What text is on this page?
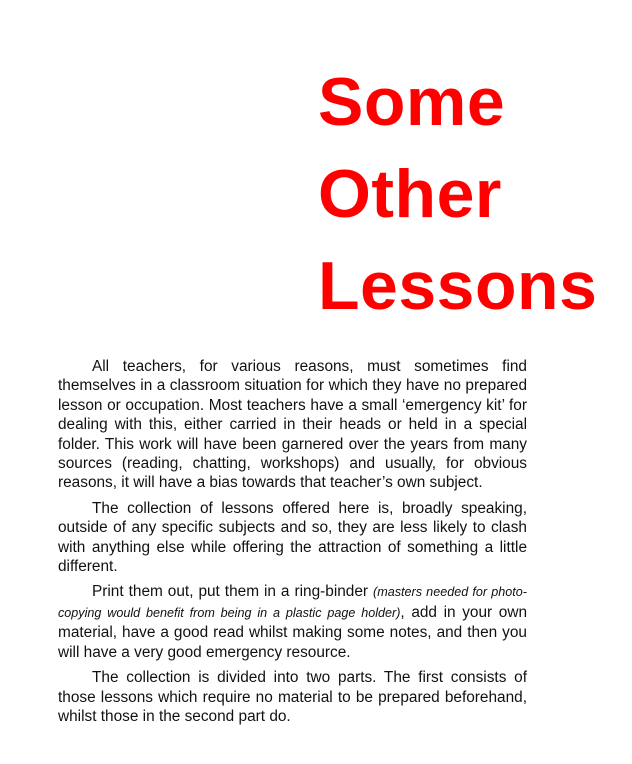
Some
Other
Lessons

All teachers, for various reasons, must sometimes find themselves in a classroom situation for which they have no prepared lesson or occupation. Most teachers have a small ‘emergency kit’ for dealing with this, either carried in their heads or held in a special folder. This work will have been garnered over the years from many sources (reading, chatting, workshops) and usually, for obvious reasons, it will have a bias towards that teacher’s own subject.

The collection of lessons offered here is, broadly speaking, outside of any specific subjects and so, they are less likely to clash with anything else while offering the attraction of something a little different.

Print them out, put them in a ring-binder (masters needed for photo-copying would benefit from being in a plastic page holder), add in your own material, have a good read whilst making some notes, and then you will have a very good emergency resource.

The collection is divided into two parts. The first consists of those lessons which require no material to be prepared beforehand, whilst those in the second part do.
